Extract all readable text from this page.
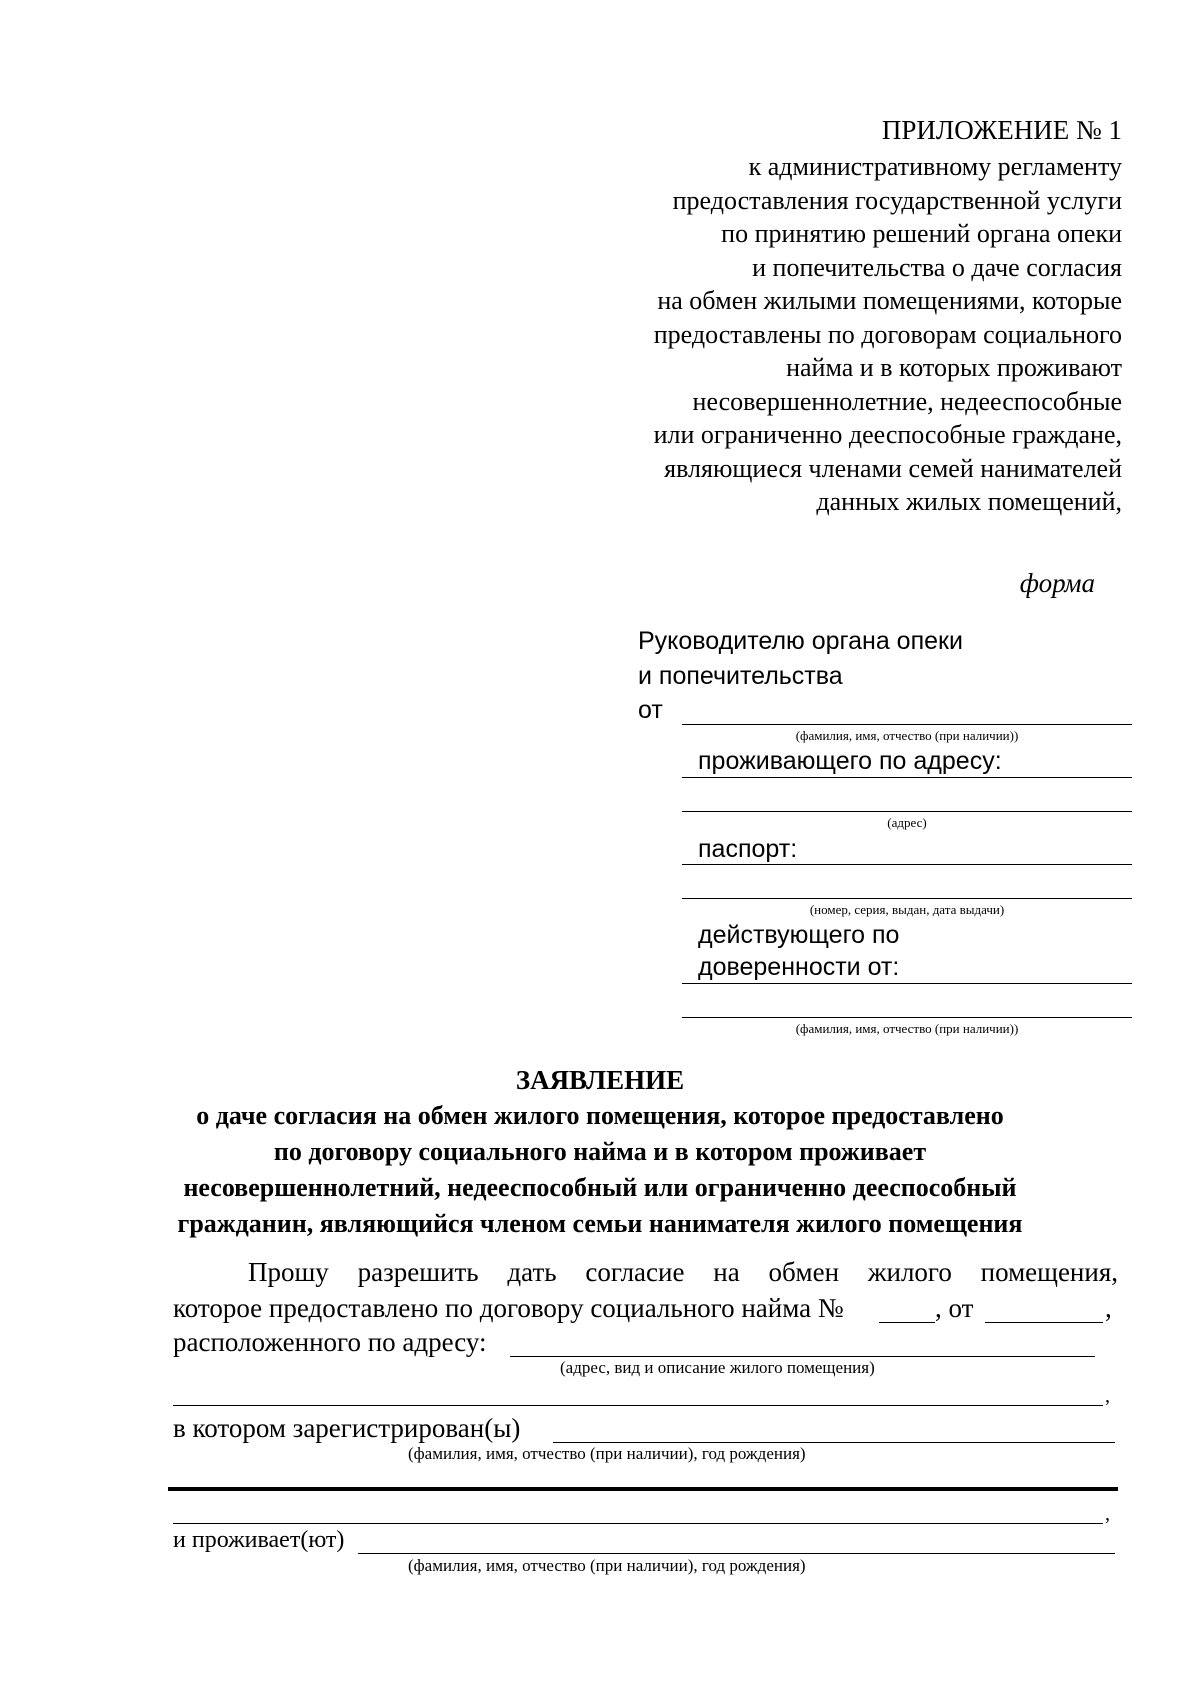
ПРИЛОЖЕНИЕ № 1
к административному регламенту
предоставления государственной услуги
по принятию решений органа опеки
и попечительства о даче согласия
на обмен жилыми помещениями, которые
предоставлены по договорам социального
найма и в которых проживают
несовершеннолетние, недееспособные
или ограниченно дееспособные граждане,
являющиеся членами семей нанимателей
данных жилых помещений,
форма
Руководителю органа опеки
и попечительства
от
(фамилия, имя, отчество (при наличии))
проживающего по адресу:
(адрес)
паспорт:
(номер, серия, выдан, дата выдачи)
действующего по
доверенности от:
(фамилия, имя, отчество (при наличии))
ЗАЯВЛЕНИЕ
о даче согласия на обмен жилого помещения, которое предоставлено
по договору социального найма и в котором проживает
несовершеннолетний, недееспособный или ограниченно дееспособный
гражданин, являющийся членом семьи нанимателя жилого помещения
Прошу разрешить дать согласие на обмен жилого помещения,
которое предоставлено по договору социального найма №	, от	,
расположенного по адресу:
(адрес, вид и описание жилого помещения)
,
в котором зарегистрирован(ы)
(фамилия, имя, отчество (при наличии), год рождения)
,
и проживает(ют)
(фамилия, имя, отчество (при наличии), год рождения)
